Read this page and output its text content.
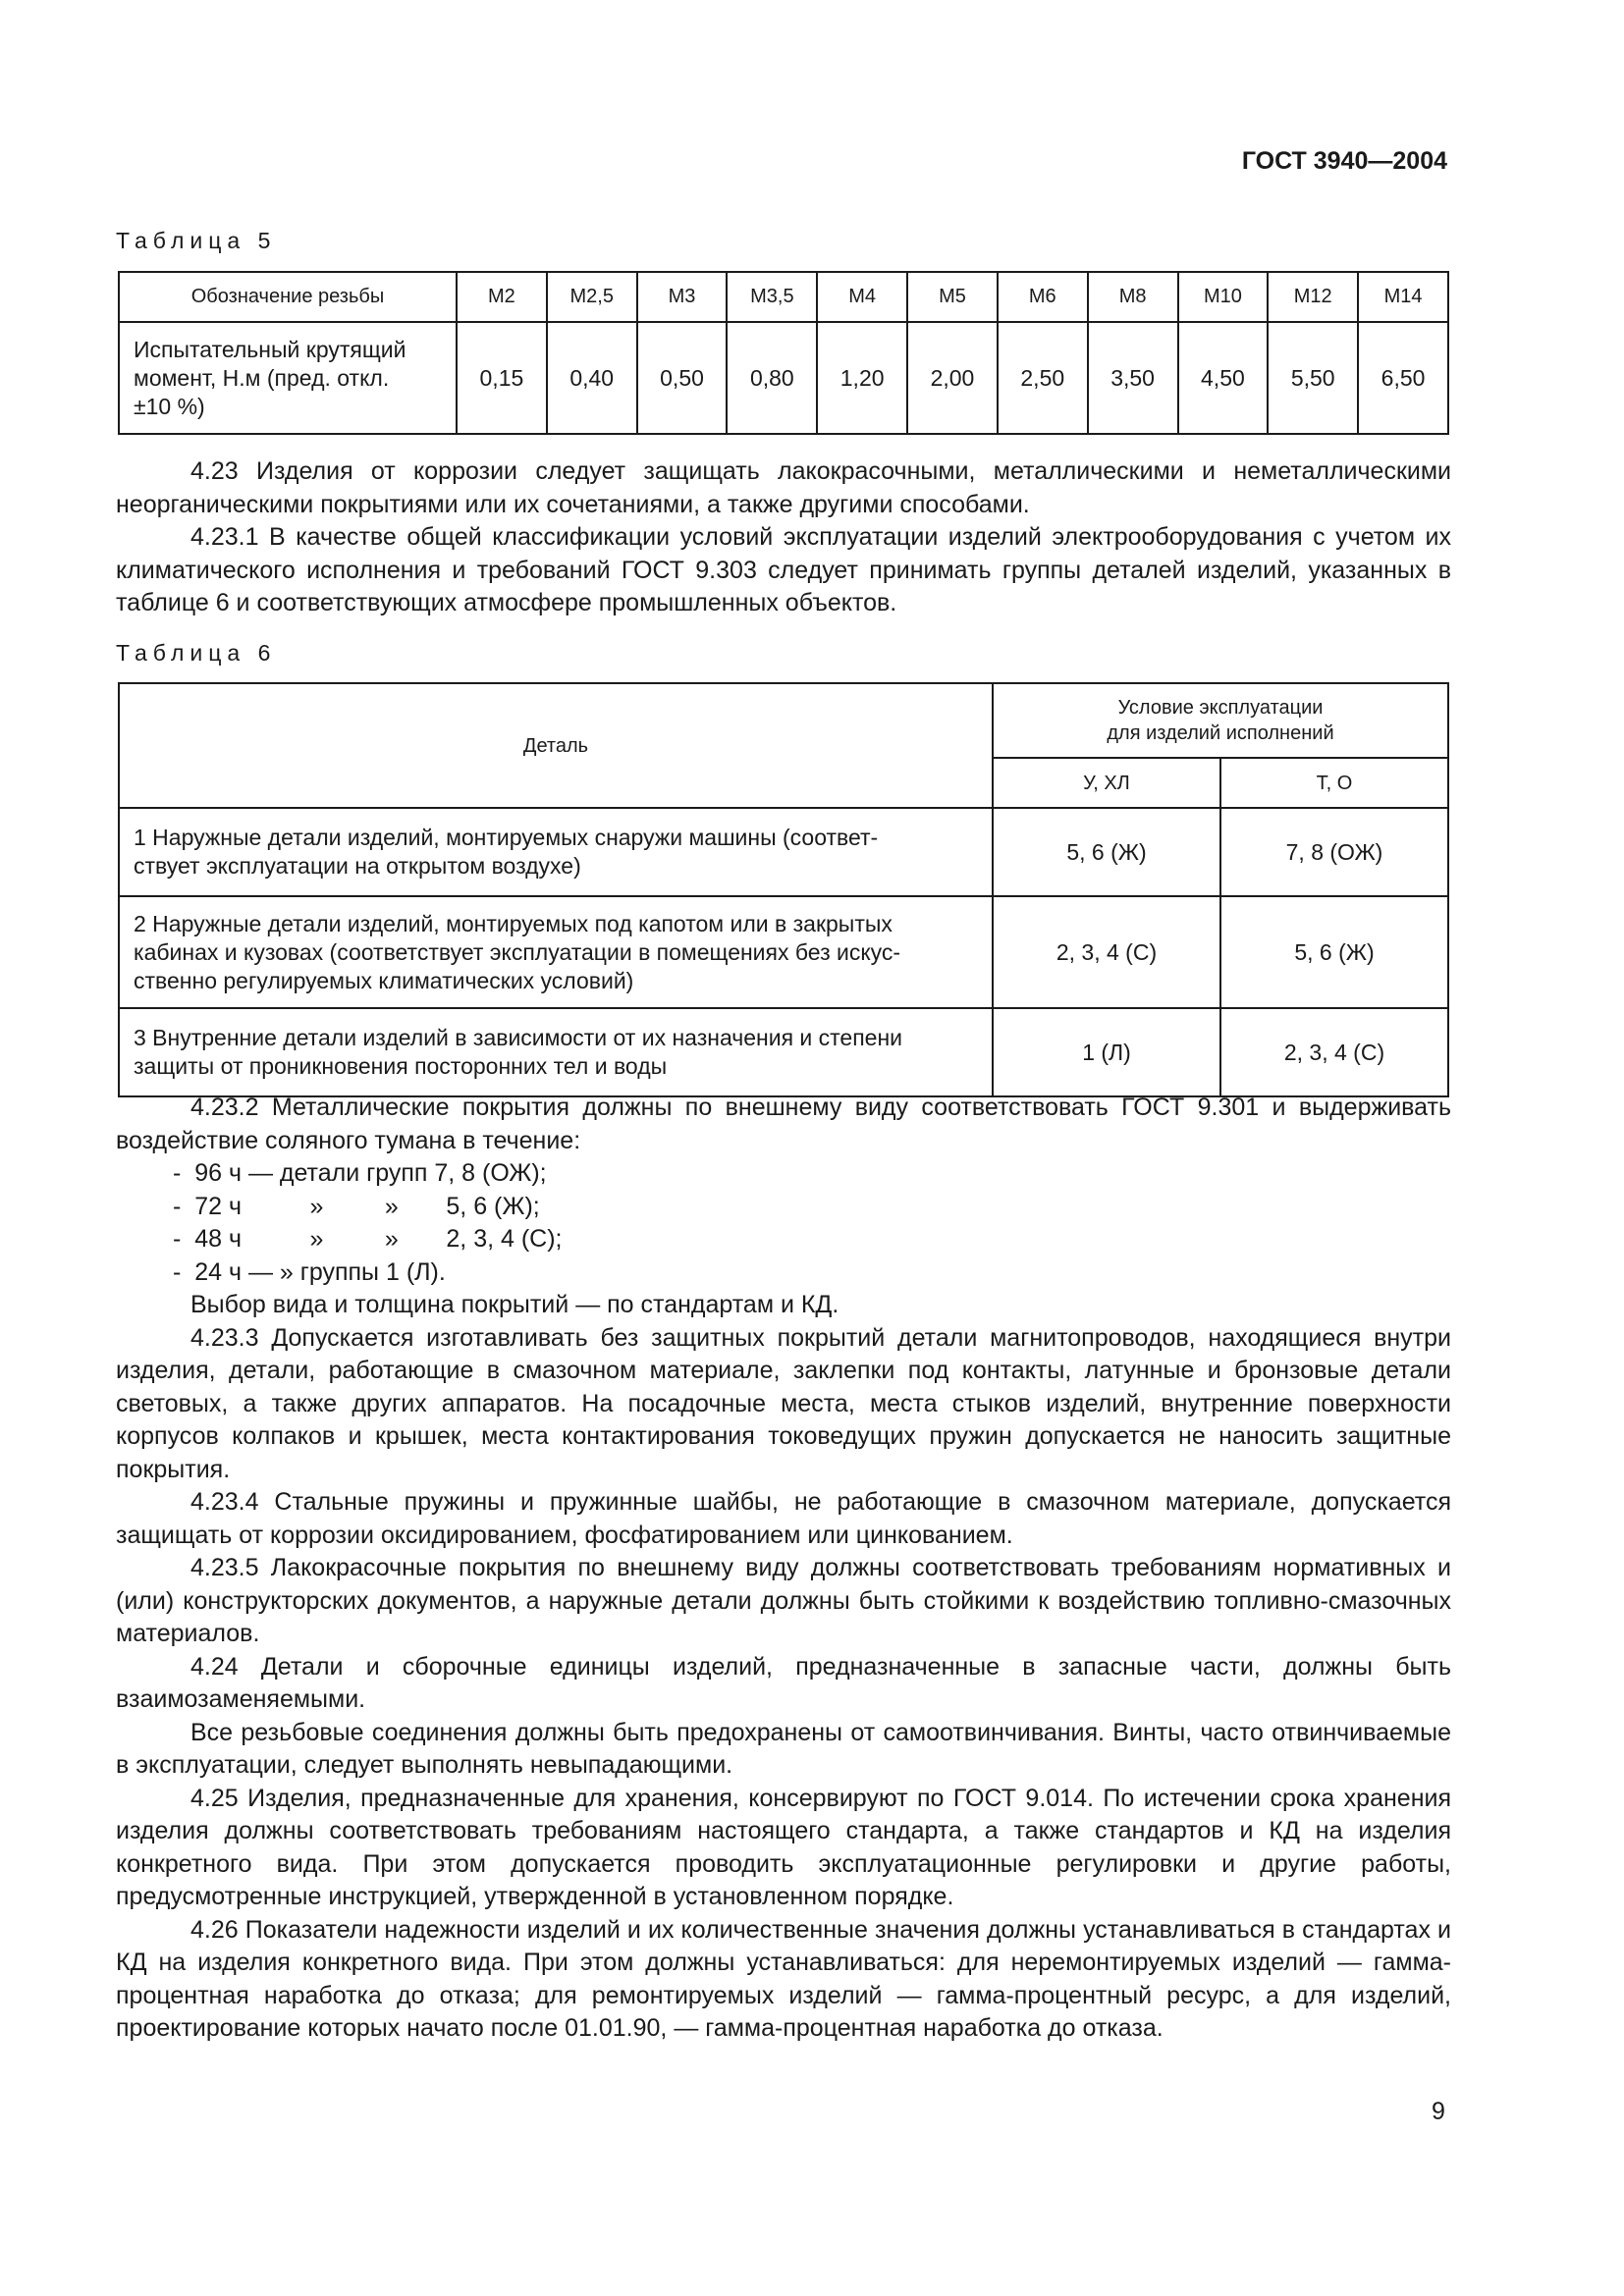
ГОСТ 3940—2004
Таблица 5
Обозначение резьбы	М2	М2,5	М3	М3,5	М4	М5	М6	М8	М10	М12	М14
Испытательный крутящий
момент, Н.м (пред. откл.
±10 %)	0,15	0,40	0,50	0,80	1,20	2,00	2,50	3,50	4,50	5,50	6,50

4.23 Изделия от коррозии следует защищать лакокрасочными, металлическими и неметаллическими неорганическими покрытиями или их сочетаниями, а также другими способами.

4.23.1 В качестве общей классификации условий эксплуатации изделий электрооборудования с учетом их климатического исполнения и требований ГОСТ 9.303 следует принимать группы деталей изделий, указанных в таблице 6 и соответствующих атмосфере промышленных объектов.

Таблица 6
Деталь	Условие эксплуатации
для изделий исполнений	
	У, ХЛ	Т, О
1 Наружные детали изделий, монтируемых снаружи машины (соответ-
ствует эксплуатации на открытом воздухе)	5, 6 (Ж)	7, 8 (ОЖ)
2 Наружные детали изделий, монтируемых под капотом или в закрытых
кабинах и кузовах (соответствует эксплуатации в помещениях без искус-
ственно регулируемых климатических условий)	2, 3, 4 (С)	5, 6 (Ж)
3 Внутренние детали изделий в зависимости от их назначения и степени
защиты от проникновения посторонних тел и воды	1 (Л)	2, 3, 4 (С)

4.23.2 Металлические покрытия должны по внешнему виду соответствовать ГОСТ 9.301 и выдерживать воздействие соляного тумана в течение:

-  96 ч — детали групп 7, 8 (ОЖ);

-  72 ч          »         »       5, 6 (Ж);

-  48 ч          »         »       2, 3, 4 (С);

-  24 ч — » группы 1 (Л).

Выбор вида и толщина покрытий — по стандартам и КД.

4.23.3 Допускается изготавливать без защитных покрытий детали магнитопроводов, находящиеся внутри изделия, детали, работающие в смазочном материале, заклепки под контакты, латунные и бронзовые детали световых, а также других аппаратов. На посадочные места, места стыков изделий, внутренние поверхности корпусов колпаков и крышек, места контактирования токоведущих пружин допускается не наносить защитные покрытия.

4.23.4 Стальные пружины и пружинные шайбы, не работающие в смазочном материале, допускается защищать от коррозии оксидированием, фосфатированием или цинкованием.

4.23.5 Лакокрасочные покрытия по внешнему виду должны соответствовать требованиям нормативных и (или) конструкторских документов, а наружные детали должны быть стойкими к воздействию топливно-смазочных материалов.

4.24 Детали и сборочные единицы изделий, предназначенные в запасные части, должны быть взаимозаменяемыми.

Все резьбовые соединения должны быть предохранены от самоотвинчивания. Винты, часто отвинчиваемые в эксплуатации, следует выполнять невыпадающими.

4.25 Изделия, предназначенные для хранения, консервируют по ГОСТ 9.014. По истечении срока хранения изделия должны соответствовать требованиям настоящего стандарта, а также стандартов и КД на изделия конкретного вида. При этом допускается проводить эксплуатационные регулировки и другие работы, предусмотренные инструкцией, утвержденной в установленном порядке.

4.26 Показатели надежности изделий и их количественные значения должны устанавливаться в стандартах и КД на изделия конкретного вида. При этом должны устанавливаться: для неремонтируемых изделий — гамма-процентная наработка до отказа; для ремонтируемых изделий — гамма-процентный ресурс, а для изделий, проектирование которых начато после 01.01.90, — гамма-процентная наработка до отказа.

9
